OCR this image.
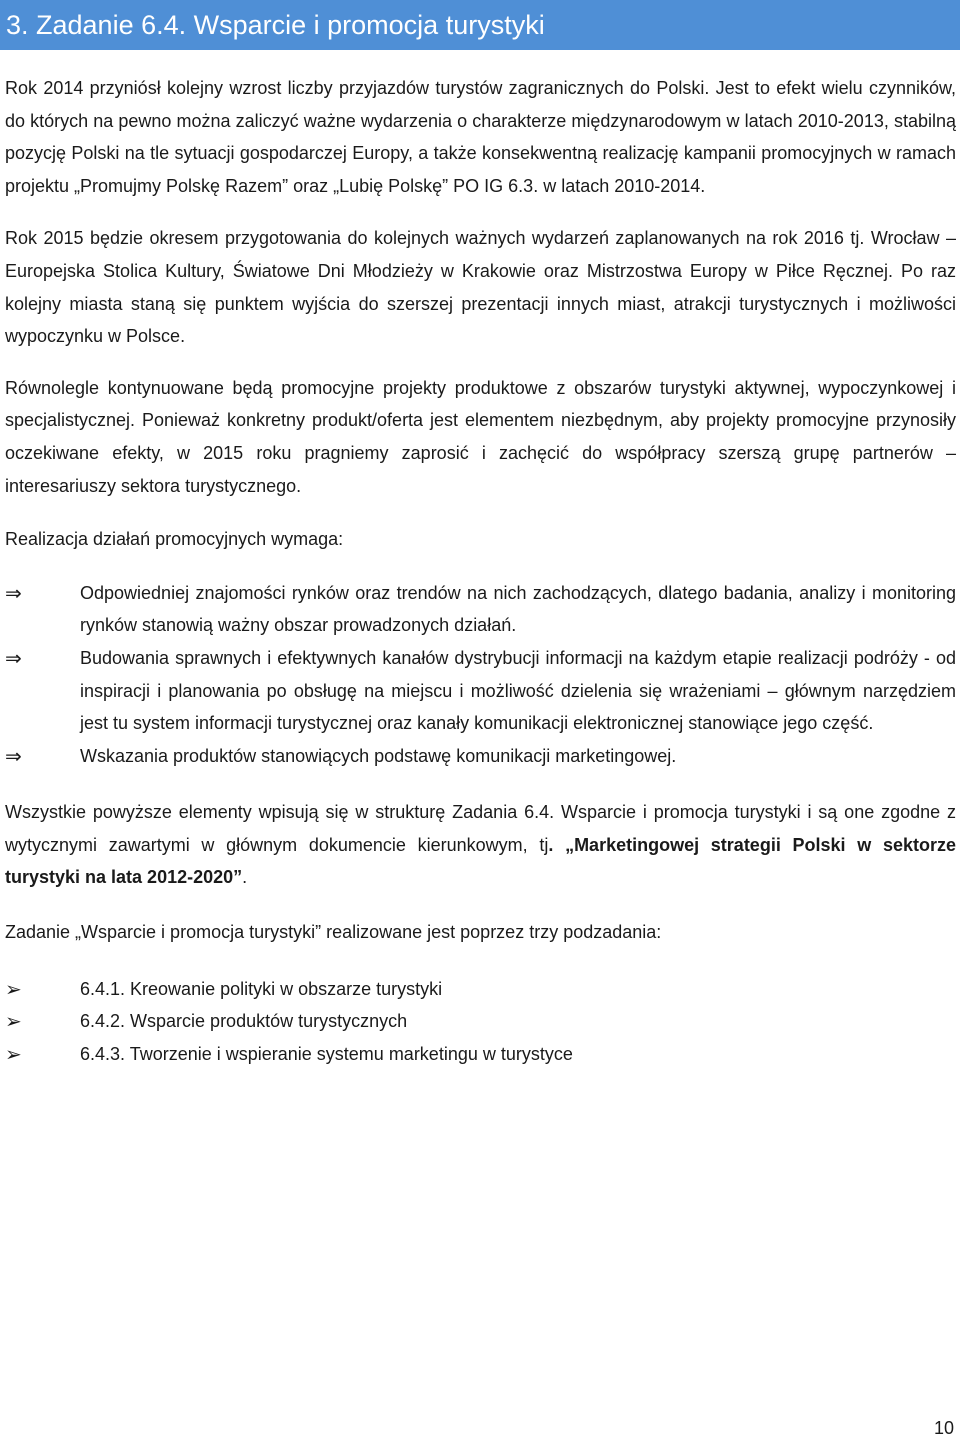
3. Zadanie 6.4. Wsparcie i promocja turystyki

Rok 2014 przyniósł kolejny wzrost liczby przyjazdów turystów zagranicznych do Polski. Jest to efekt wielu czynników, do których na pewno można zaliczyć ważne wydarzenia o charakterze międzynarodowym w latach 2010-2013, stabilną pozycję Polski na tle sytuacji gospodarczej Europy, a także konsekwentną realizację kampanii promocyjnych w ramach projektu „Promujmy Polskę Razem” oraz „Lubię Polskę” PO IG 6.3. w latach 2010-2014.

Rok 2015 będzie okresem przygotowania do kolejnych ważnych wydarzeń zaplanowanych na rok 2016 tj. Wrocław – Europejska Stolica Kultury, Światowe Dni Młodzieży w Krakowie oraz Mistrzostwa Europy w Piłce Ręcznej. Po raz kolejny miasta staną się punktem wyjścia do szerszej prezentacji innych miast, atrakcji turystycznych i możliwości wypoczynku w Polsce.

Równolegle kontynuowane będą promocyjne projekty produktowe z obszarów turystyki aktywnej, wypoczynkowej i specjalistycznej. Ponieważ konkretny produkt/oferta jest elementem niezbędnym, aby projekty promocyjne przynosiły oczekiwane efekty, w 2015 roku pragniemy zaprosić i zachęcić do współpracy szerszą grupę partnerów – interesariuszy sektora turystycznego.

Realizacja działań promocyjnych wymaga:

⇒	Odpowiedniej znajomości rynków oraz trendów na nich zachodzących, dlatego badania, analizy i monitoring rynków stanowią ważny obszar prowadzonych działań.
⇒	Budowania sprawnych i efektywnych kanałów dystrybucji informacji na każdym etapie realizacji podróży - od inspiracji i planowania po obsługę na miejscu i możliwość dzielenia się wrażeniami – głównym narzędziem jest tu system informacji turystycznej oraz kanały komunikacji elektronicznej stanowiące jego część.
⇒	Wskazania produktów stanowiących podstawę komunikacji marketingowej.

Wszystkie powyższe elementy wpisują się w strukturę Zadania 6.4. Wsparcie i promocja turystyki i są one zgodne z wytycznymi zawartymi w głównym dokumencie kierunkowym, tj. „Marketingowej strategii Polski w sektorze turystyki na lata 2012-2020”.

Zadanie „Wsparcie i promocja turystyki” realizowane jest poprzez trzy podzadania:

➢	6.4.1. Kreowanie polityki w obszarze turystyki
➢	6.4.2. Wsparcie produktów turystycznych
➢	6.4.3. Tworzenie i wspieranie systemu marketingu w turystyce
10
